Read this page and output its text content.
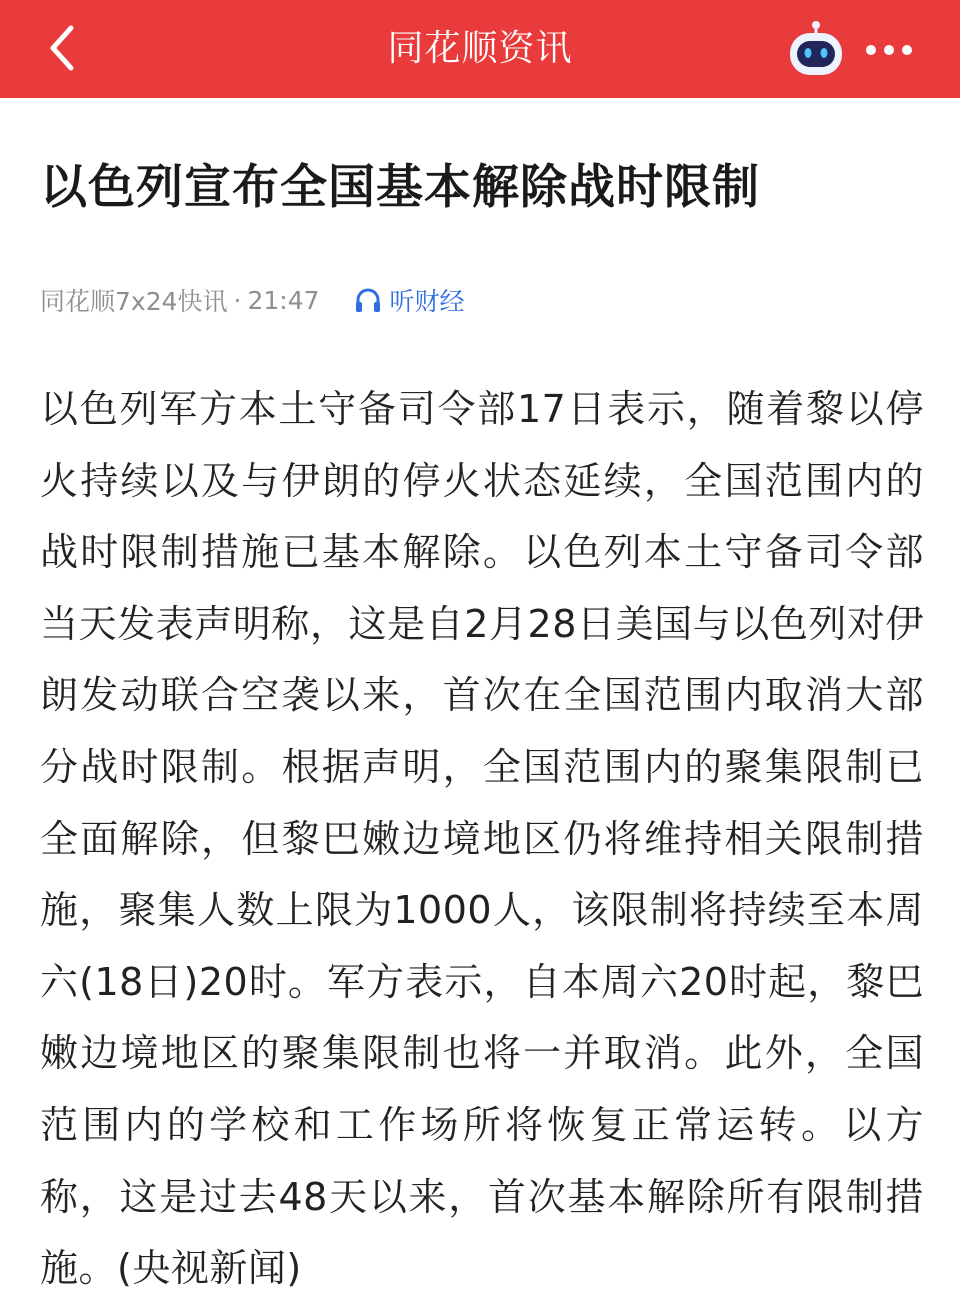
同花顺资讯
以色列宣布全国基本解除战时限制
同花顺7x24快讯 · 21:47	听财经

以色列军方本土守备司令部17日表示，随着黎以停火持续以及与伊朗的停火状态延续，全国范围内的战时限制措施已基本解除。以色列本土守备司令部当天发表声明称，这是自2月28日美国与以色列对伊朗发动联合空袭以来，首次在全国范围内取消大部分战时限制。根据声明，全国范围内的聚集限制已全面解除，但黎巴嫩边境地区仍将维持相关限制措施，聚集人数上限为1000人，该限制将持续至本周六(18日)20时。军方表示，自本周六20时起，黎巴嫩边境地区的聚集限制也将一并取消。此外，全国范围内的学校和工作场所将恢复正常运转。以方称，这是过去48天以来，首次基本解除所有限制措施。(央视新闻)
